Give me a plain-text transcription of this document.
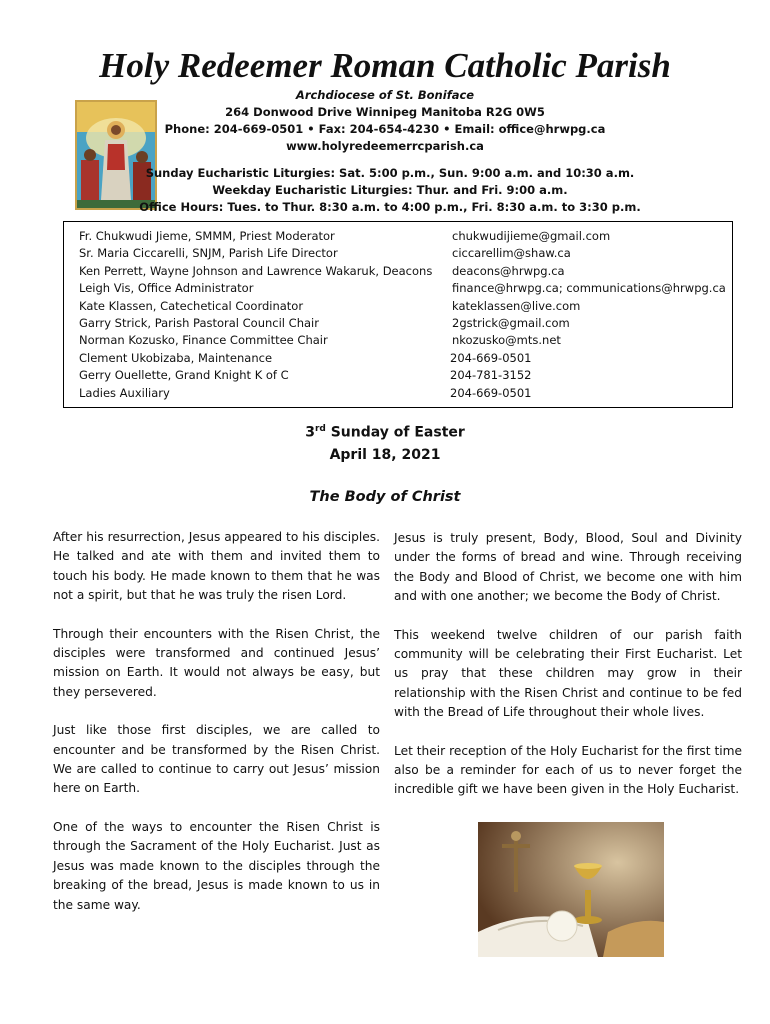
Holy Redeemer Roman Catholic Parish
Archdiocese of St. Boniface
264 Donwood Drive Winnipeg Manitoba R2G 0W5
Phone: 204-669-0501 • Fax: 204-654-4230 • Email: office@hrwpg.ca
www.holyredeemerrcparish.ca
Sunday Eucharistic Liturgies: Sat. 5:00 p.m., Sun. 9:00 a.m. and 10:30 a.m.
Weekday Eucharistic Liturgies: Thur. and Fri. 9:00 a.m.
Office Hours: Tues. to Thur. 8:30 a.m. to 4:00 p.m., Fri. 8:30 a.m. to 3:30 p.m.
Fr. Chukwudi Jieme, SMMM, Priest Moderator
Sr. Maria Ciccarelli, SNJM, Parish Life Director
Ken Perrett, Wayne Johnson and Lawrence Wakaruk, Deacons
Leigh Vis, Office Administrator
Kate Klassen, Catechetical Coordinator
Garry Strick, Parish Pastoral Council Chair
Norman Kozusko, Finance Committee Chair
Clement Ukobizaba, Maintenance
Gerry Ouellette, Grand Knight K of C
Ladies Auxiliary
chukwudijieme@gmail.com
ciccarellim@shaw.ca
deacons@hrwpg.ca
finance@hrwpg.ca; communications@hrwpg.ca
kateklassen@live.com
2gstrick@gmail.com
nkozusko@mts.net
204-669-0501
204-781-3152
204-669-0501
3rd Sunday of Easter
April 18, 2021
The Body of Christ

After his resurrection, Jesus appeared to his disciples. He talked and ate with them and invited them to touch his body. He made known to them that he was not a spirit, but that he was truly the risen Lord.

Through their encounters with the Risen Christ, the disciples were transformed and continued Jesus’ mission on Earth. It would not always be easy, but they persevered.

Just like those first disciples, we are called to encounter and be transformed by the Risen Christ. We are called to continue to carry out Jesus’ mission here on Earth.

One of the ways to encounter the Risen Christ is through the Sacrament of the Holy Eucharist. Just as Jesus was made known to the disciples through the breaking of the bread, Jesus is made known to us in the same way.

Jesus is truly present, Body, Blood, Soul and Divinity under the forms of bread and wine. Through receiving the Body and Blood of Christ, we become one with him and with one another; we become the Body of Christ.

This weekend twelve children of our parish faith community will be celebrating their First Eucharist. Let us pray that these children may grow in their relationship with the Risen Christ and continue to be fed with the Bread of Life throughout their whole lives.

Let their reception of the Holy Eucharist for the first time also be a reminder for each of us to never forget the incredible gift we have been given in the Holy Eucharist.
